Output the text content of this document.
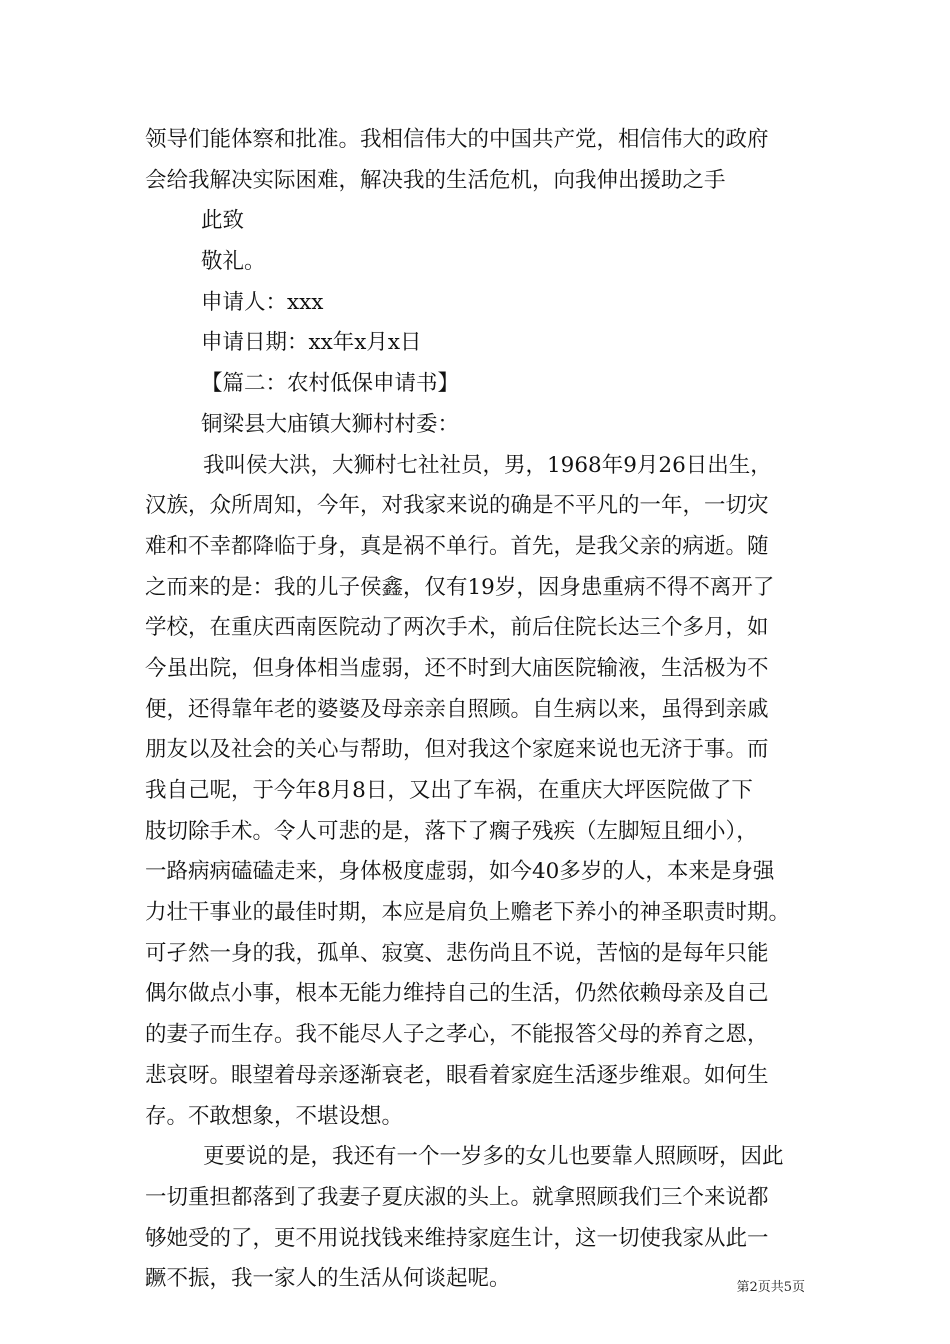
领导们能体察和批准。我相信伟大的中国共产党，相信伟大的政府
会给我解决实际困难，解决我的生活危机，向我伸出援助之手
此致
敬礼。
申请人：xxx
申请日期：xx年x月x日
【篇二：农村低保申请书】
铜梁县大庙镇大狮村村委：
我叫侯大洪，大狮村七社社员，男，1968年9月26日出生，
汉族，众所周知，今年，对我家来说的确是不平凡的一年，一切灾
难和不幸都降临于身，真是祸不单行。首先，是我父亲的病逝。随
之而来的是：我的儿子侯鑫，仅有19岁，因身患重病不得不离开了
学校，在重庆西南医院动了两次手术，前后住院长达三个多月，如
今虽出院，但身体相当虚弱，还不时到大庙医院输液，生活极为不
便，还得靠年老的婆婆及母亲亲自照顾。自生病以来，虽得到亲戚
朋友以及社会的关心与帮助，但对我这个家庭来说也无济于事。而
我自己呢，于今年8月8日，又出了车祸，在重庆大坪医院做了下
肢切除手术。令人可悲的是，落下了瘸子残疾（左脚短且细小），
一路病病磕磕走来，身体极度虚弱，如今40多岁的人，本来是身强
力壮干事业的最佳时期，本应是肩负上赡老下养小的神圣职责时期。
可孑然一身的我，孤单、寂寞、悲伤尚且不说，苦恼的是每年只能
偶尔做点小事，根本无能力维持自己的生活，仍然依赖母亲及自己
的妻子而生存。我不能尽人子之孝心，不能报答父母的养育之恩，
悲哀呀。眼望着母亲逐渐衰老，眼看着家庭生活逐步维艰。如何生
存。不敢想象，不堪设想。
更要说的是，我还有一个一岁多的女儿也要靠人照顾呀，因此
一切重担都落到了我妻子夏庆淑的头上。就拿照顾我们三个来说都
够她受的了，更不用说找钱来维持家庭生计，这一切使我家从此一
蹶不振，我一家人的生活从何谈起呢。	第2页共5页
